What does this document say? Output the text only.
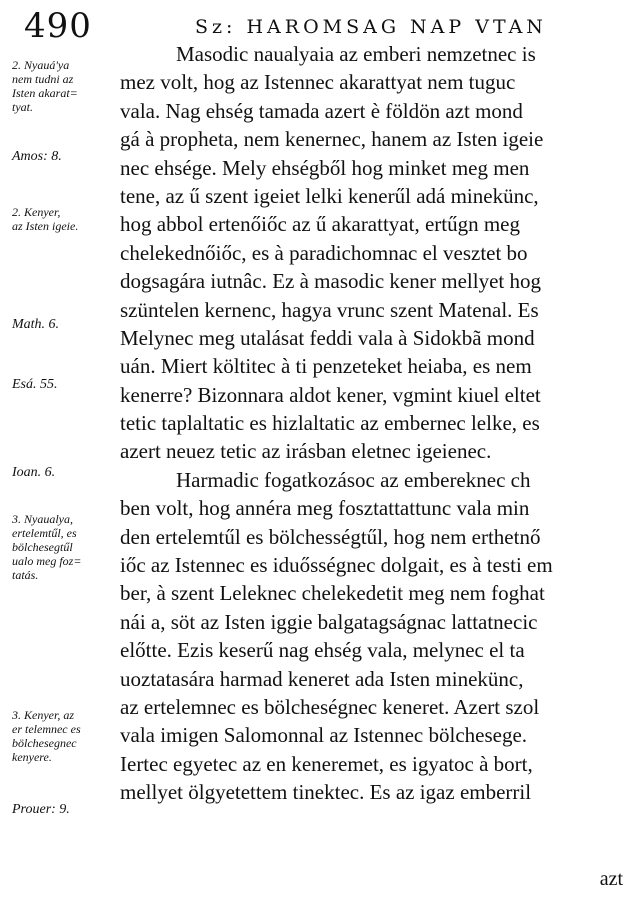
490	Sz: HAROMSAG NAP VTAN
2. Nyauá'ya
nem tudni az
Isten akarat=
tyat.
Amos: 8.
2. Kenyer,
az Isten igeie.
Math. 6.
Esá. 55.
Ioan. 6.
3. Nyaualya,
ertelemtűl, es
bölchesegtűl
ualo meg foz=
tatás.
3. Kenyer, az
er telemnec es
bölchesegnec
kenyere.
Prouer: 9.
Masodic naualyaia az emberi nemzetnec is
mez volt, hog az Istennec akarattyat nem tuguc
vala. Nag ehség tamada azert è földön azt mond
gá à propheta, nem kenernec, hanem az Isten igeie
nec ehsége. Mely ehségből hog minket meg men
tene, az ű szent igeiet lelki kenerűl adá minekünc,
hog abbol ertenőiőc az ű akarattyat, ertűgn meg
chelekednőiőc, es à paradichomnac el vesztet bo
dogsagára iutnâc. Ez à masodic kener mellyet hog
szüntelen kernenc, hagya vrunc szent Matenal. Es
Melynec meg utalásat feddi vala à Sidokbã mond
uán. Miert költitec à ti penzeteket heiaba, es nem
kenerre? Bizonnara aldot kener, vgmint kiuel eltet
tetic taplaltatic es hizlaltatic az embernec lelke, es
azert neuez tetic az irásban eletnec igeienec.
Harmadic fogatkozásoc az embereknec ch
ben volt, hog annéra meg fosztattattunc vala min
den ertelemtűl es bölchességtűl, hog nem erthetnő
iőc az Istennec es iduősségnec dolgait, es à testi em
ber, à szent Leleknec chelekedetit meg nem foghat
nái a, söt az Isten iggie balgatagságnac lattatnecic
előtte. Ezis keserű nag ehség vala, melynec el ta
uoztatasára harmad keneret ada Isten minekünc,
az ertelemnec es bölcheségnec keneret. Azert szol
vala imigen Salomonnal az Istennec bölchesege.
Iertec egyetec az en keneremet, es igyatoc à bort,
mellyet ölgyetettem tinektec. Es az igaz emberril
azt
